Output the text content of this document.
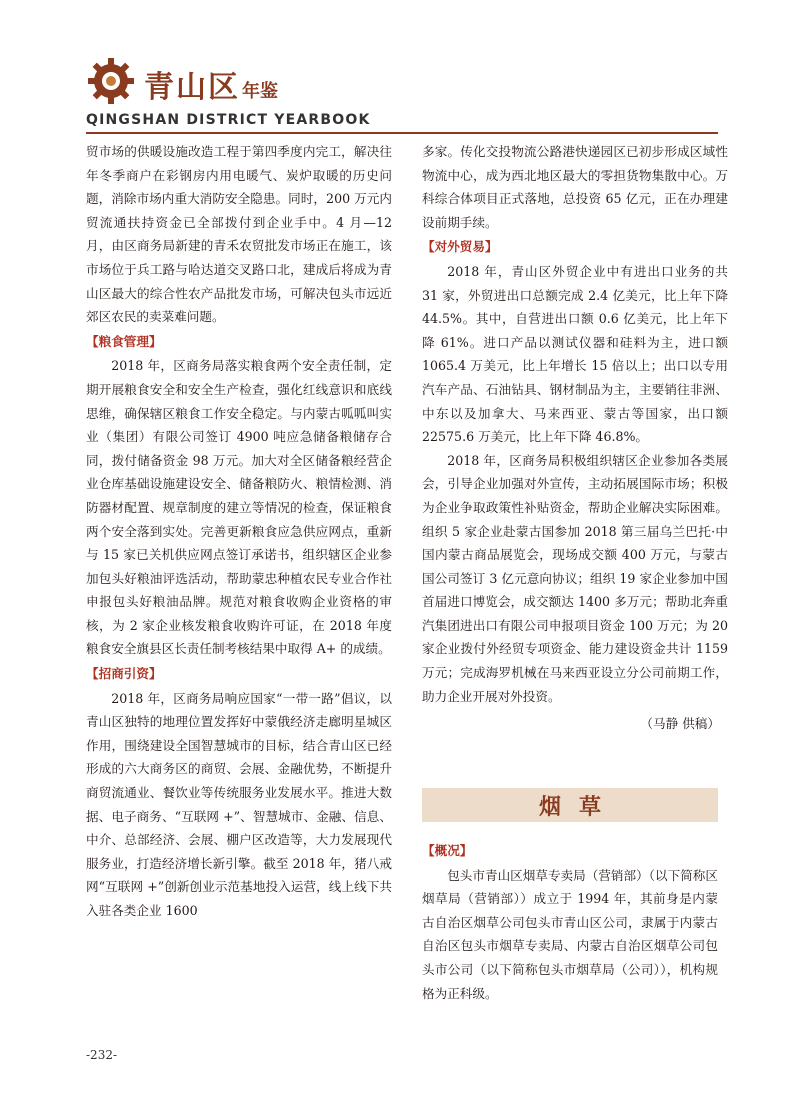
青山区 年鉴
QINGSHAN DISTRICT YEARBOOK

贸市场的供暖设施改造工程于第四季度内完工，解决往年冬季商户在彩钢房内用电暖气、炭炉取暖的历史问题，消除市场内重大消防安全隐患。同时，200 万元内贸流通扶持资金已全部拨付到企业手中。4 月—12 月，由区商务局新建的青禾农贸批发市场正在施工，该市场位于兵工路与哈达道交叉路口北，建成后将成为青山区最大的综合性农产品批发市场，可解决包头市远近郊区农民的卖菜难问题。

【粮食管理】

2018 年，区商务局落实粮食两个安全责任制，定期开展粮食安全和安全生产检查，强化红线意识和底线思维，确保辖区粮食工作安全稳定。与内蒙古呱呱叫实业（集团）有限公司签订 4900 吨应急储备粮储存合同，拨付储备资金 98 万元。加大对全区储备粮经营企业仓库基础设施建设安全、储备粮防火、粮情检测、消防器材配置、规章制度的建立等情况的检查，保证粮食两个安全落到实处。完善更新粮食应急供应网点，重新与 15 家已关机供应网点签订承诺书，组织辖区企业参加包头好粮油评选活动，帮助蒙忠种植农民专业合作社申报包头好粮油品牌。规范对粮食收购企业资格的审核，为 2 家企业核发粮食收购许可证，在 2018 年度粮食安全旗县区长责任制考核结果中取得 A+ 的成绩。

【招商引资】

2018 年，区商务局响应国家“一带一路”倡议，以青山区独特的地理位置发挥好中蒙俄经济走廊明星城区作用，围绕建设全国智慧城市的目标，结合青山区已经形成的六大商务区的商贸、会展、金融优势，不断提升商贸流通业、餐饮业等传统服务业发展水平。推进大数据、电子商务、“互联网 +”、智慧城市、金融、信息、中介、总部经济、会展、棚户区改造等，大力发展现代服务业，打造经济增长新引擎。截至 2018 年，猪八戒网“互联网 +”创新创业示范基地投入运营，线上线下共入驻各类企业 1600

多家。传化交投物流公路港快递园区已初步形成区域性物流中心，成为西北地区最大的零担货物集散中心。万科综合体项目正式落地，总投资 65 亿元，正在办理建设前期手续。

【对外贸易】

2018 年，青山区外贸企业中有进出口业务的共 31 家，外贸进出口总额完成 2.4 亿美元，比上年下降 44.5%。其中，自营进出口额 0.6 亿美元，比上年下降 61%。进口产品以测试仪器和硅料为主，进口额 1065.4 万美元，比上年增长 15 倍以上；出口以专用汽车产品、石油钻具、钢材制品为主，主要销往非洲、中东以及加拿大、马来西亚、蒙古等国家，出口额 22575.6 万美元，比上年下降 46.8%。

2018 年，区商务局积极组织辖区企业参加各类展会，引导企业加强对外宣传，主动拓展国际市场；积极为企业争取政策性补贴资金，帮助企业解决实际困难。组织 5 家企业赴蒙古国参加 2018 第三届乌兰巴托·中国内蒙古商品展览会，现场成交额 400 万元，与蒙古国公司签订 3 亿元意向协议；组织 19 家企业参加中国首届进口博览会，成交额达 1400 多万元；帮助北奔重汽集团进出口有限公司申报项目资金 100 万元；为 20 家企业拨付外经贸专项资金、能力建设资金共计 1159 万元；完成海罗机械在马来西亚设立分公司前期工作，助力企业开展对外投资。

（马静 供稿）
烟草
【概况】

包头市青山区烟草专卖局（营销部）（以下简称区烟草局（营销部））成立于 1994 年，其前身是内蒙古自治区烟草公司包头市青山区公司，隶属于内蒙古自治区包头市烟草专卖局、内蒙古自治区烟草公司包头市公司（以下简称包头市烟草局（公司）），机构规格为正科级。

-232-
